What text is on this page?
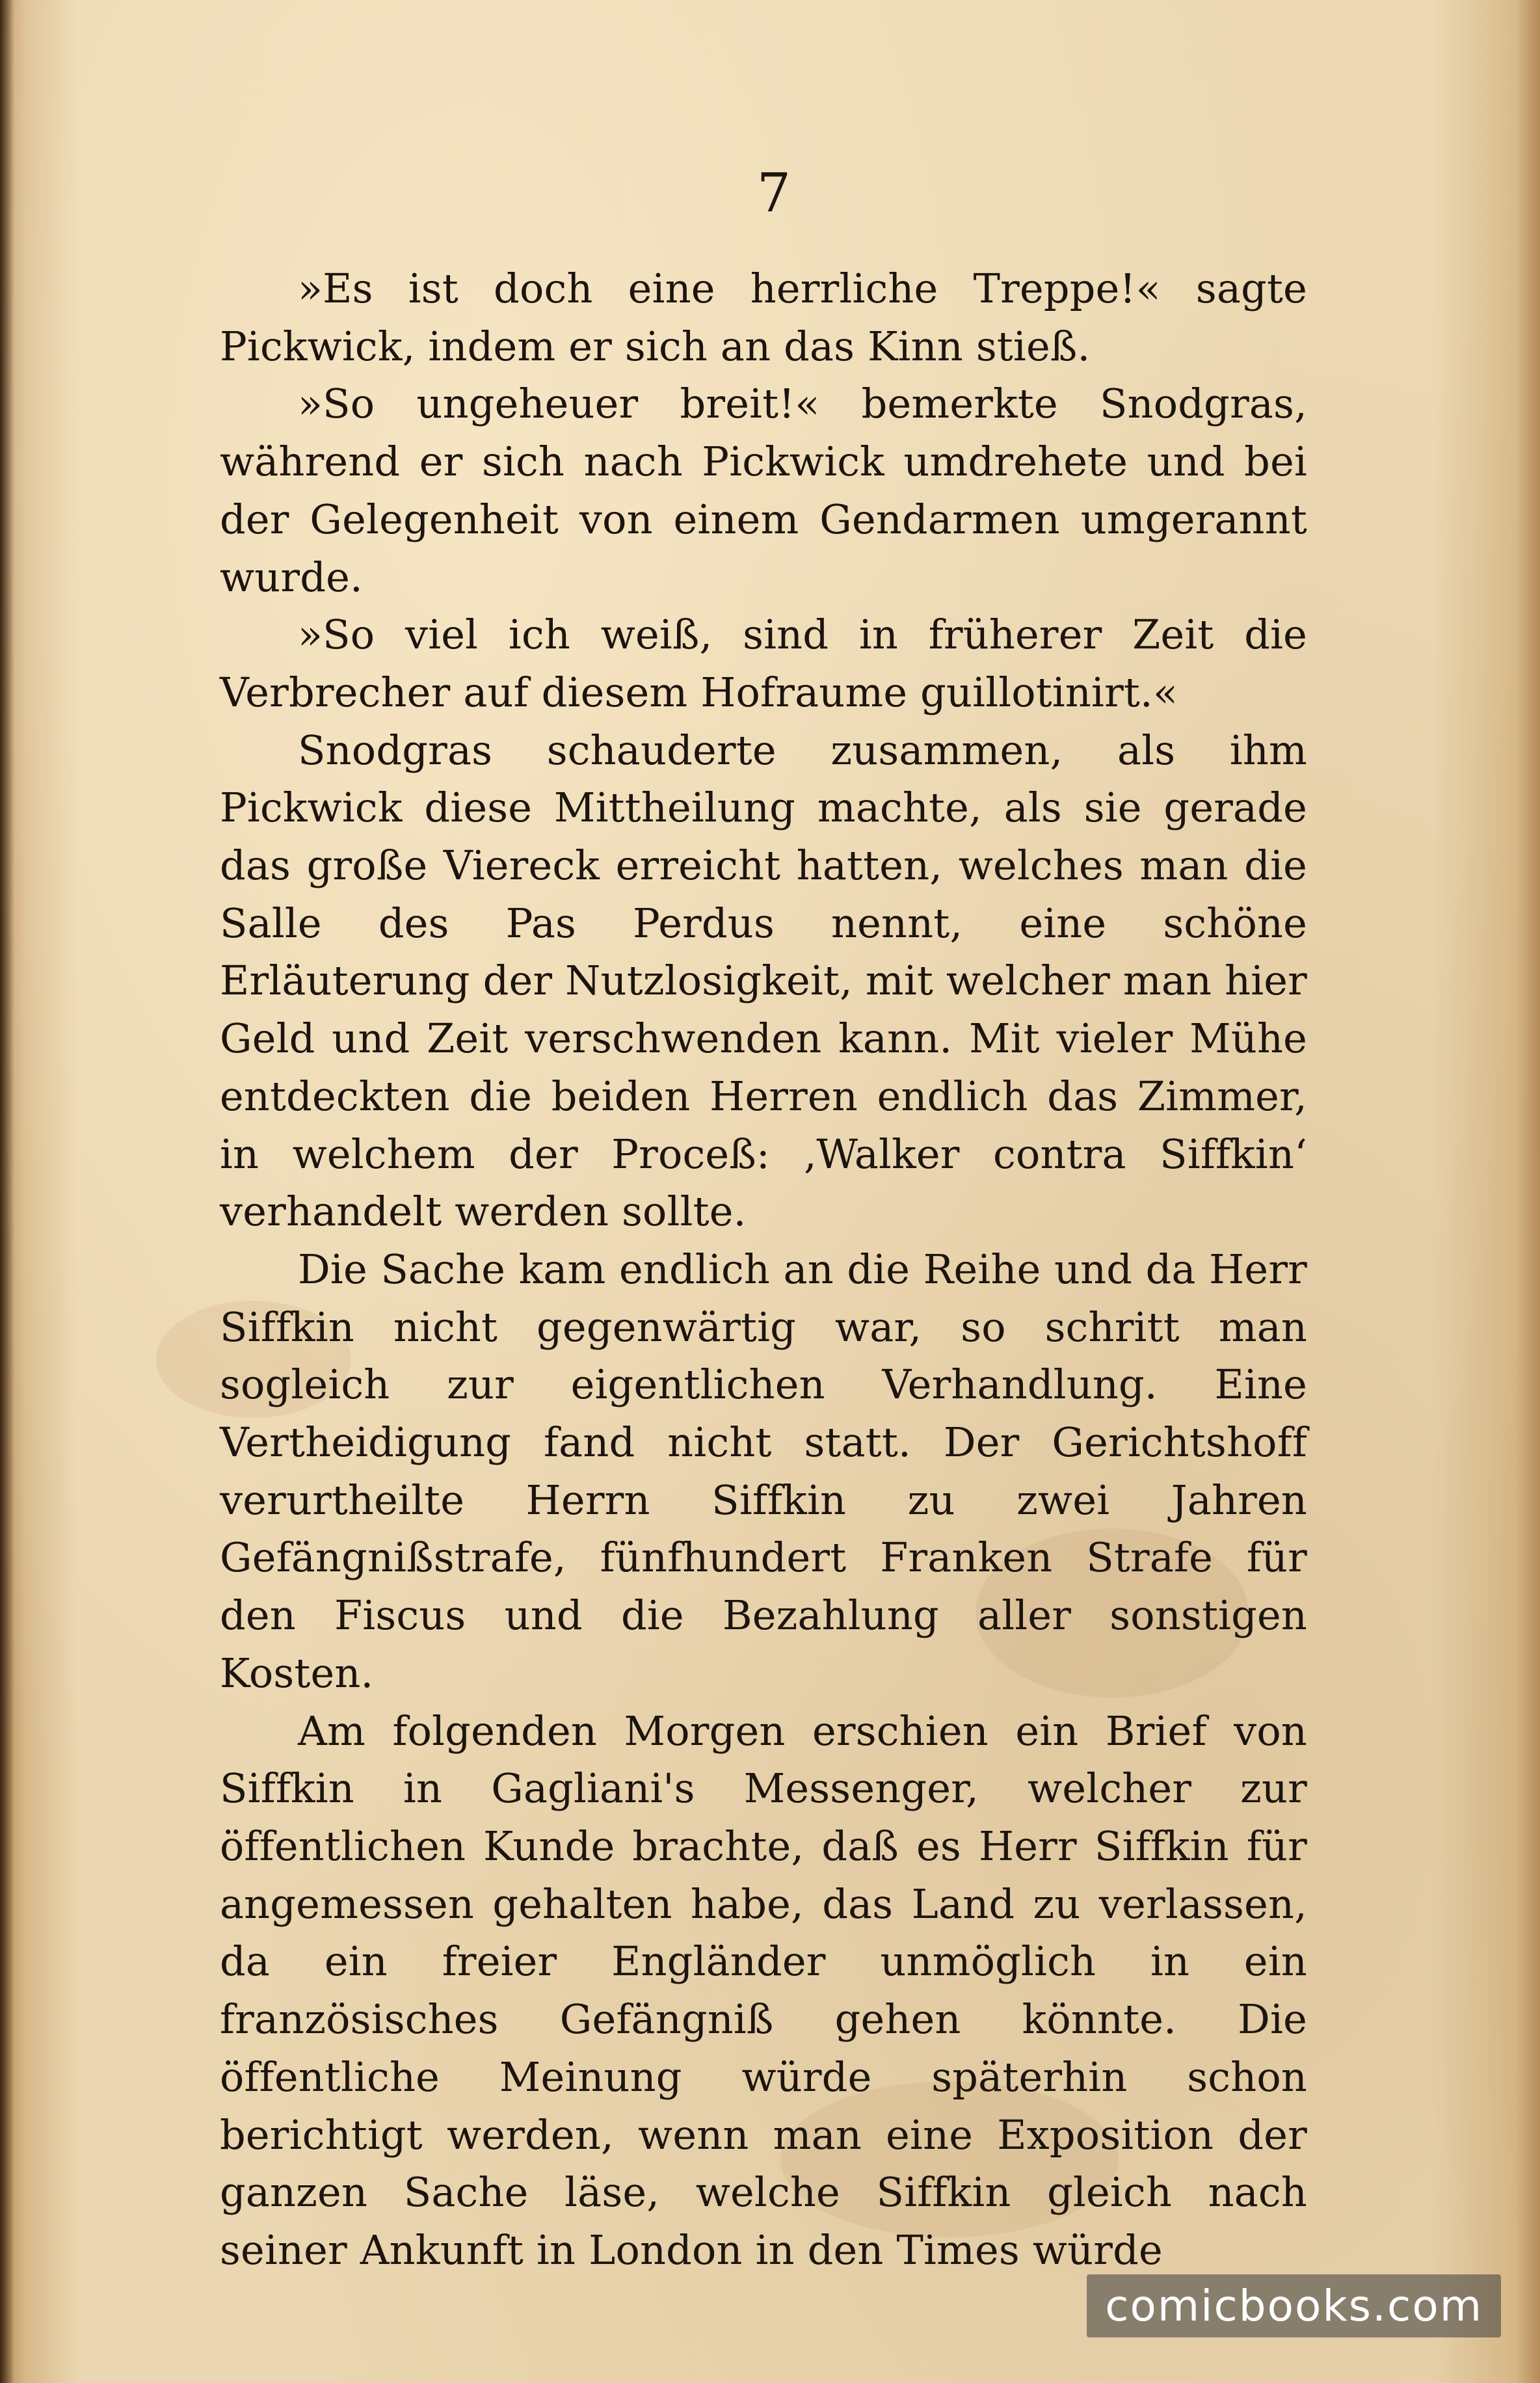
7

»Es ist doch eine herrliche Treppe!« sagte Pickwick, indem er sich an das Kinn stieß.

»So ungeheuer breit!« bemerkte Snodgras, während er sich nach Pickwick umdrehete und bei der Gelegenheit von einem Gendarmen umgerannt wurde.

»So viel ich weiß, sind in früherer Zeit die Verbrecher auf diesem Hofraume guillotinirt.«

Snodgras schauderte zusammen, als ihm Pickwick diese Mittheilung machte, als sie gerade das große Viereck erreicht hatten, welches man die Salle des Pas Perdus nennt, eine schöne Erläuterung der Nutzlosigkeit, mit welcher man hier Geld und Zeit verschwenden kann. Mit vieler Mühe entdeckten die beiden Herren endlich das Zimmer, in welchem der Proceß: ‚Walker contra Siffkin‘ verhandelt werden sollte.

Die Sache kam endlich an die Reihe und da Herr Siffkin nicht gegenwärtig war, so schritt man sogleich zur eigentlichen Verhandlung. Eine Vertheidigung fand nicht statt. Der Gerichtshoff verurtheilte Herrn Siffkin zu zwei Jahren Gefängnißstrafe, fünfhundert Franken Strafe für den Fiscus und die Bezahlung aller sonstigen Kosten.

Am folgenden Morgen erschien ein Brief von Siffkin in Gagliani's Messenger, welcher zur öffentlichen Kunde brachte, daß es Herr Siffkin für angemessen gehalten habe, das Land zu verlassen, da ein freier Engländer unmöglich in ein französisches Gefängniß gehen könnte. Die öffentliche Meinung würde späterhin schon berichtigt werden, wenn man eine Exposition der ganzen Sache läse, welche Siffkin gleich nach seiner Ankunft in London in den Times würde

comicbooks.com
